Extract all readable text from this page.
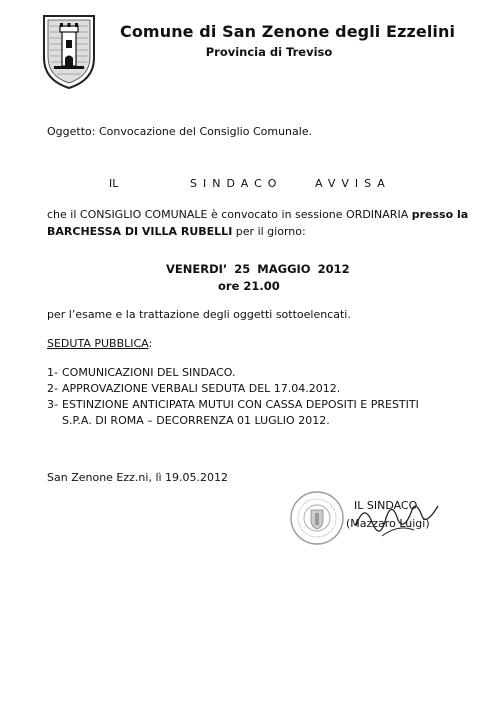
Comune di San Zenone degli Ezzelini
Provincia di Treviso
Oggetto: Convocazione del Consiglio Comunale.
IL	SINDACO	AVVISA
che il CONSIGLIO COMUNALE è convocato in sessione ORDINARIA presso la
BARCHESSA DI VILLA RUBELLI per il giorno:
VENERDI’ 25 MAGGIO 2012
ore 21.00
per l’esame e la trattazione degli oggetti sottoelencati.
SEDUTA PUBBLICA:
1- COMUNICAZIONI DEL SINDACO.
2- APPROVAZIONE VERBALI SEDUTA DEL 17.04.2012.
3- ESTINZIONE ANTICIPATA MUTUI CON CASSA DEPOSITI E PRESTITI
S.P.A. DI ROMA – DECORRENZA 01 LUGLIO 2012.
San Zenone Ezz.ni, lì 19.05.2012
IL SINDACO
(Mazzaro Luigi)
